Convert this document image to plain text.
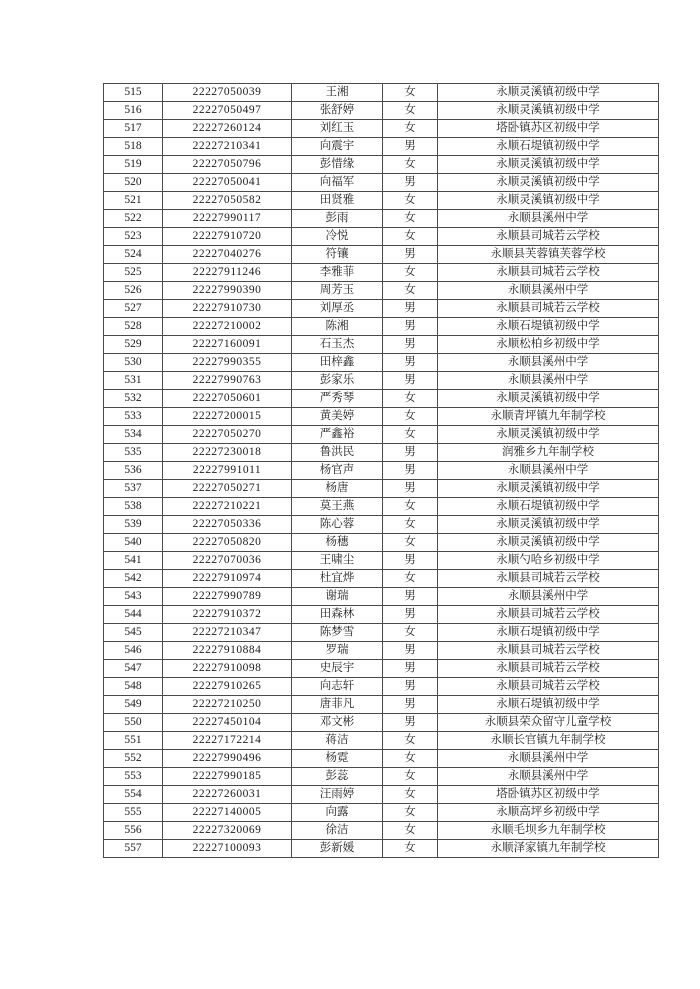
515	22227050039	王湘	女	永顺灵溪镇初级中学
516	22227050497	张舒婷	女	永顺灵溪镇初级中学
517	22227260124	刘红玉	女	塔卧镇苏区初级中学
518	22227210341	向震宇	男	永顺石堤镇初级中学
519	22227050796	彭惜缘	女	永顺灵溪镇初级中学
520	22227050041	向福军	男	永顺灵溪镇初级中学
521	22227050582	田贤雅	女	永顺灵溪镇初级中学
522	22227990117	彭雨	女	永顺县溪州中学
523	22227910720	冷悦	女	永顺县司城若云学校
524	22227040276	符镶	男	永顺县芙蓉镇芙蓉学校
525	22227911246	李雅菲	女	永顺县司城若云学校
526	22227990390	周芳玉	女	永顺县溪州中学
527	22227910730	刘厚丞	男	永顺县司城若云学校
528	22227210002	陈湘	男	永顺石堤镇初级中学
529	22227160091	石玉杰	男	永顺松柏乡初级中学
530	22227990355	田梓鑫	男	永顺县溪州中学
531	22227990763	彭家乐	男	永顺县溪州中学
532	22227050601	严秀琴	女	永顺灵溪镇初级中学
533	22227200015	黄美婷	女	永顺青坪镇九年制学校
534	22227050270	严鑫裕	女	永顺灵溪镇初级中学
535	22227230018	鲁洪民	男	润雅乡九年制学校
536	22227991011	杨官声	男	永顺县溪州中学
537	22227050271	杨唐	男	永顺灵溪镇初级中学
538	22227210221	莫王燕	女	永顺石堤镇初级中学
539	22227050336	陈心蓉	女	永顺灵溪镇初级中学
540	22227050820	杨穗	女	永顺灵溪镇初级中学
541	22227070036	王啸尘	男	永顺勺哈乡初级中学
542	22227910974	杜宜烨	女	永顺县司城若云学校
543	22227990789	谢瑞	男	永顺县溪州中学
544	22227910372	田森林	男	永顺县司城若云学校
545	22227210347	陈梦雪	女	永顺石堤镇初级中学
546	22227910884	罗瑞	男	永顺县司城若云学校
547	22227910098	史辰宇	男	永顺县司城若云学校
548	22227910265	向志轩	男	永顺县司城若云学校
549	22227210250	唐菲凡	男	永顺石堤镇初级中学
550	22227450104	邓文彬	男	永顺县荣众留守儿童学校
551	22227172214	蒋洁	女	永顺长官镇九年制学校
552	22227990496	杨霓	女	永顺县溪州中学
553	22227990185	彭蕊	女	永顺县溪州中学
554	22227260031	汪雨婷	女	塔卧镇苏区初级中学
555	22227140005	向露	女	永顺高坪乡初级中学
556	22227320069	徐洁	女	永顺毛坝乡九年制学校
557	22227100093	彭新媛	女	永顺泽家镇九年制学校
